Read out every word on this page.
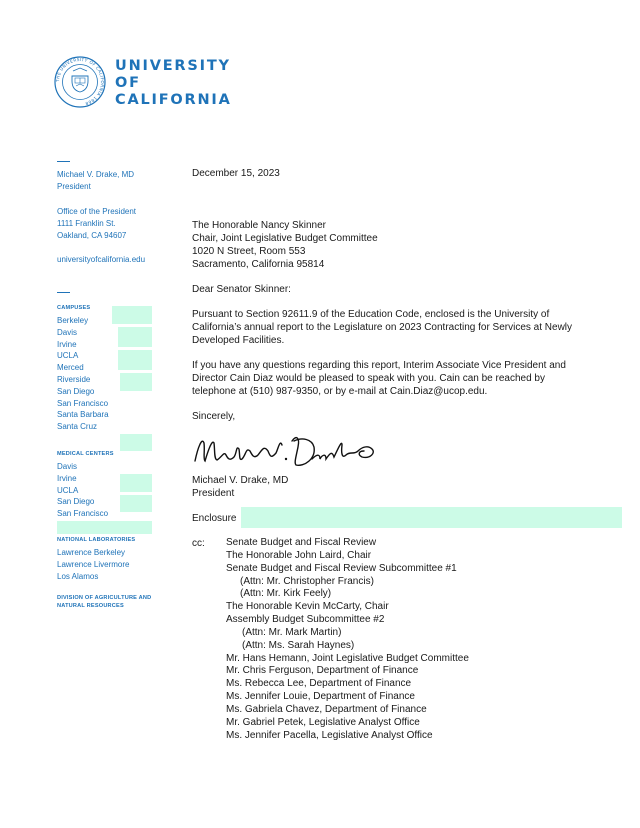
THE UNIVERSITY OF CALIFORNIA 1868
UNIVERSITY
OF
CALIFORNIA
Michael V. Drake, MD
President
Office of the President
1111 Franklin St.
Oakland, CA 94607
universityofcalifornia.edu
CAMPUSES
Berkeley
Davis
Irvine
UCLA
Merced
Riverside
San Diego
San Francisco
Santa Barbara
Santa Cruz
MEDICAL CENTERS
Davis
Irvine
UCLA
San Diego
San Francisco
NATIONAL LABORATORIES
Lawrence Berkeley
Lawrence Livermore
Los Alamos
DIVISION OF AGRICULTURE AND
NATURAL RESOURCES
December 15, 2023
The Honorable Nancy Skinner
Chair, Joint Legislative Budget Committee
1020 N Street, Room 553
Sacramento, California 95814
Dear Senator Skinner:
Pursuant to Section 92611.9 of the Education Code, enclosed is the University of
California’s annual report to the Legislature on 2023 Contracting for Services at Newly
Developed Facilities.
If you have any questions regarding this report, Interim Associate Vice President and
Director Cain Diaz would be pleased to speak with you. Cain can be reached by
telephone at (510) 987-9350, or by e-mail at Cain.Diaz@ucop.edu.
Sincerely,
Michael V. Drake, MD
President
Enclosure
cc: Senate Budget and Fiscal Review
The Honorable John Laird, Chair
Senate Budget and Fiscal Review Subcommittee #1
(Attn: Mr. Christopher Francis)
(Attn: Mr. Kirk Feely)
The Honorable Kevin McCarty, Chair
Assembly Budget Subcommittee #2
(Attn: Mr. Mark Martin)
(Attn: Ms. Sarah Haynes)
Mr. Hans Hemann, Joint Legislative Budget Committee
Mr. Chris Ferguson, Department of Finance
Ms. Rebecca Lee, Department of Finance
Ms. Jennifer Louie, Department of Finance
Ms. Gabriela Chavez, Department of Finance
Mr. Gabriel Petek, Legislative Analyst Office
Ms. Jennifer Pacella, Legislative Analyst Office
